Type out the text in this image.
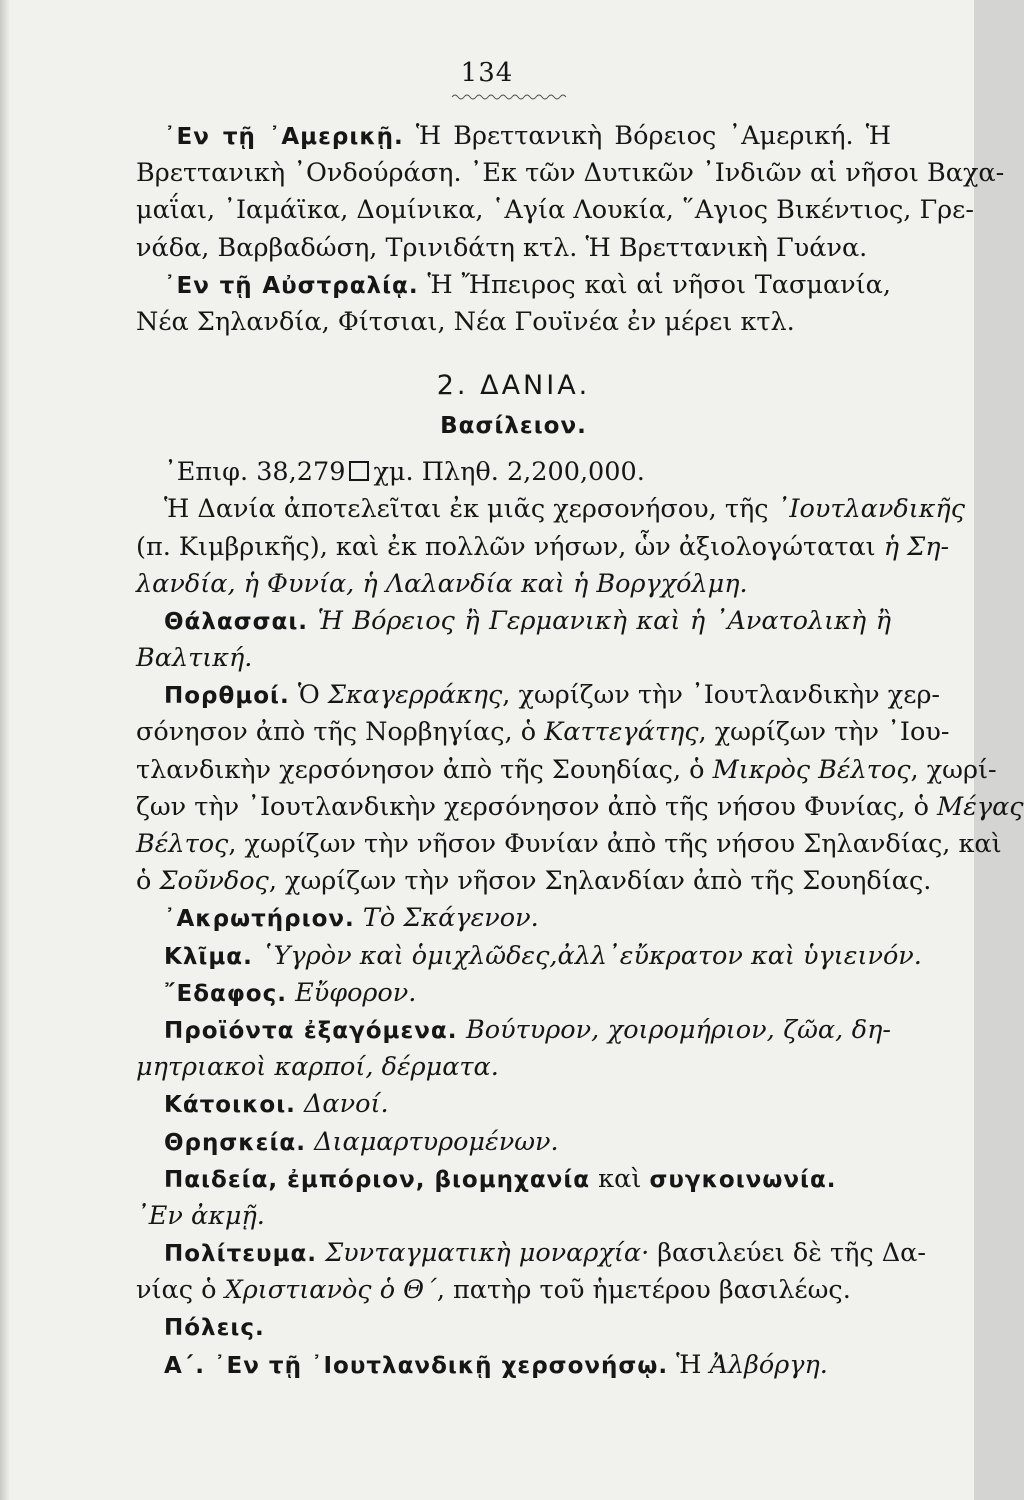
134
᾿Εν τῇ ᾿Αμερικῇ. Ἡ Βρεττανικὴ Βόρειος ᾿Αμερική. Ἡ
Βρεττανικὴ ᾿Ονδούράση. ᾿Εκ τῶν Δυτικῶν ᾿Ινδιῶν αἱ νῆσοι Βαχα-
μαΐαι, ᾿Ιαμάϊκα, Δομίνικα, ῾Αγία Λουκία, ῞Αγιος Βικέντιος, Γρε-
νάδα, Βαρβαδώση, Τρινιδάτη κτλ. Ἡ Βρεττανικὴ Γυάνα.
᾿Εν τῇ Αὐστραλίᾳ. Ἡ Ἤπειρος καὶ αἱ νῆσοι Τασμανία,
Νέα Σηλανδία, Φίτσιαι, Νέα Γουϊνέα ἐν μέρει κτλ.
2. ΔΑΝΙΑ.
Βασίλειον.
᾿Επιφ. 38,279 χμ. Πληθ. 2,200,000.
Ἡ Δανία ἀποτελεῖται ἐκ μιᾶς χερσονήσου, τῆς ᾿Ιουτλανδικῆς
(π. Κιμβρικῆς), καὶ ἐκ πολλῶν νήσων, ὧν ἀξιολογώταται ἡ Ση-
λανδία, ἡ Φυνία, ἡ Λαλανδία καὶ ἡ Βοργχόλμη.
Θάλασσαι. Ἡ Βόρειος ἢ Γερμανικὴ καὶ ἡ ᾿Ανατολικὴ ἢ
Βαλτική.
Πορθμοί. Ὁ Σκαγερράκης, χωρίζων τὴν ᾿Ιουτλανδικὴν χερ-
σόνησον ἀπὸ τῆς Νορβηγίας, ὁ Καττεγάτης, χωρίζων τὴν ᾿Ιου-
τλανδικὴν χερσόνησον ἀπὸ τῆς Σουηδίας, ὁ Μικρὸς Βέλτος, χωρί-
ζων τὴν ᾿Ιουτλανδικὴν χερσόνησον ἀπὸ τῆς νήσου Φυνίας, ὁ Μέγας
Βέλτος, χωρίζων τὴν νῆσον Φυνίαν ἀπὸ τῆς νήσου Σηλανδίας, καὶ
ὁ Σοῦνδος, χωρίζων τὴν νῆσον Σηλανδίαν ἀπὸ τῆς Σουηδίας.
᾿Ακρωτήριον. Τὸ Σκάγενον.
Κλῖμα. ῾Υγρὸν καὶ ὁμιχλῶδες,ἀλλ᾿εὔκρατον καὶ ὑγιεινόν.
῎Εδαφος. Εὔφορον.
Προϊόντα ἐξαγόμενα. Βούτυρον, χοιρομήριον, ζῶα, δη-
μητριακοὶ καρποί, δέρματα.
Κάτοικοι. Δανοί.
Θρησκεία. Διαμαρτυρομένων.
Παιδεία, ἐμπόριον, βιομηχανία καὶ συγκοινωνία.
᾿Εν ἀκμῇ.
Πολίτευμα. Συνταγματικὴ μοναρχία· βασιλεύει δὲ τῆς Δα-
νίας ὁ Χριστιανὸς ὁ Θ´, πατὴρ τοῦ ἡμετέρου βασιλέως.
Πόλεις.
Α´. ᾿Εν τῇ ᾿Ιουτλανδικῇ χερσονήσῳ. Ἡ Ἀλβόργη.
